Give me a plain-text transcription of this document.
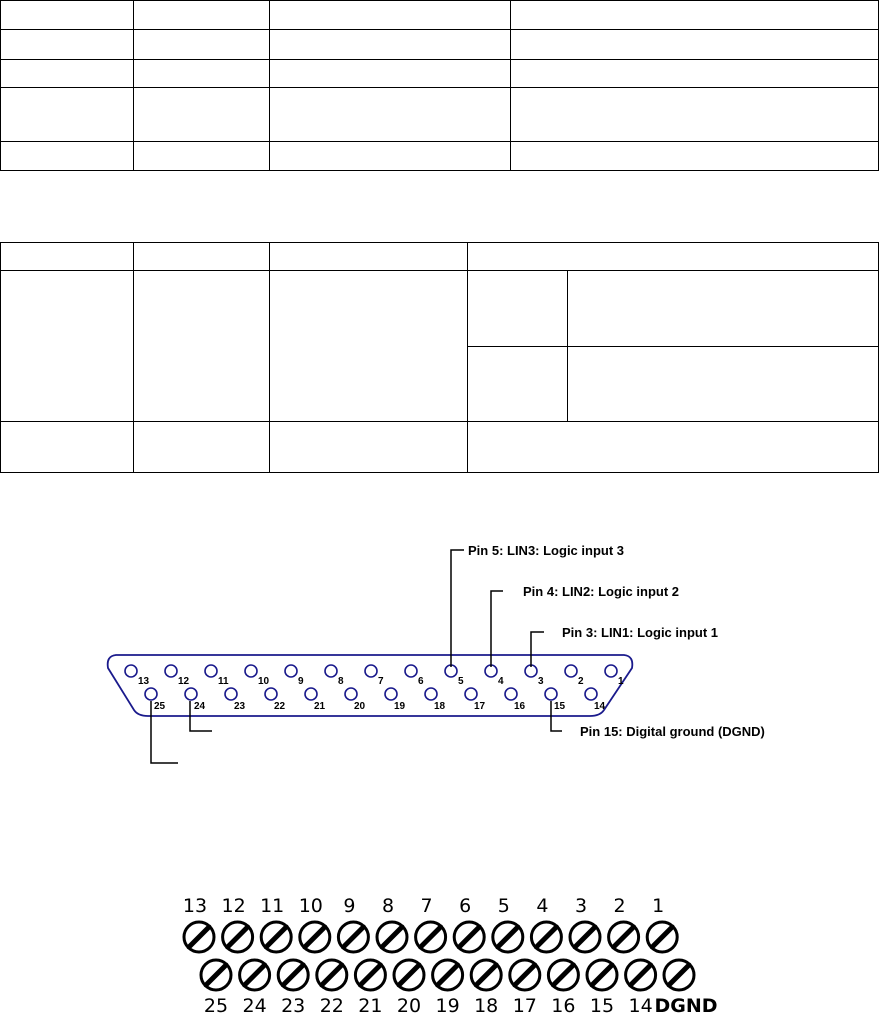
13	12	11	10	9	8	7	6	5	4	3	2	1
25	24	23	22	21	20	19	18	17	16	15	14
Pin 5: LIN3: Logic input 3
Pin 4: LIN2: Logic input 2
Pin 3: LIN1: Logic input 1
Pin 15: Digital ground (DGND)
13 12 11 10 9 8 7 6 5 4 3 2 1
25 24 23 22 21 20 19 18 17 16 15 14 DGND
